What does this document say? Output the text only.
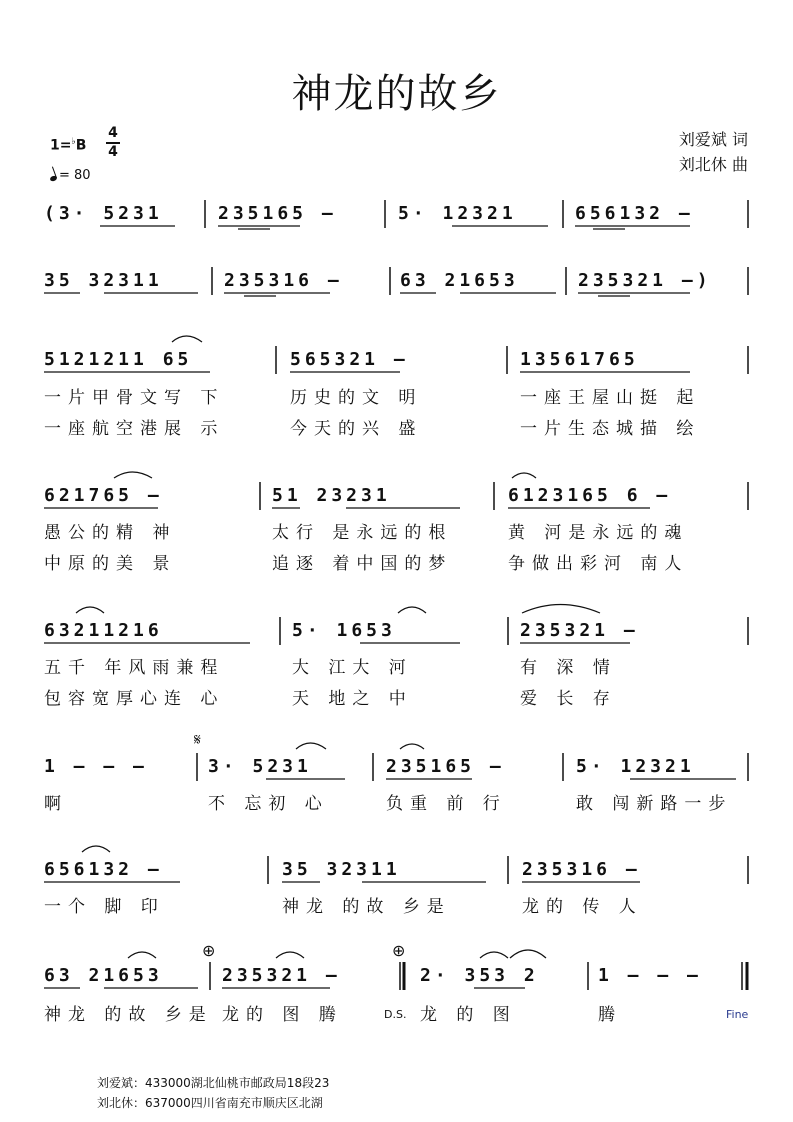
神龙的故乡
1=♭B
4
4
= 80
刘爱斌 词
刘北休 曲
(3· 5231	235165 –	5· 12321	656132 –
35 32311	235316 –	63 21653	235321 –)
5121211 65	565321 –	13561765
一片甲骨文写 下	历史的文 明	一座王屋山挺 起
一座航空港展 示	今天的兴 盛	一片生态城描 绘
621765 –	51 23231	6123165 6 –
愚公的精 神	太行 是永远的根	黄 河是永远的魂
中原的美 景	追逐 着中国的梦	争做出彩河 南人
63211216	5· 1653	235321 –
五千 年风雨兼程	大 江大 河	有 深 情
包容宽厚心连 心	天 地之 中	爱 长 存
𝄋
1 – – –	3· 5231	235165 –	5· 12321
啊	不 忘初 心	负重 前 行	敢 闯新路一步
656132 –	35 32311	235316 –
一个 脚 印	神龙 的故 乡是	龙的 传 人
⊕	⊕
63 21653	235321 –	2· 353 2	1 – – –
神龙 的故 乡是 龙的 图 腾	D.S. 龙 的 图	腾	Fine
刘爱斌：433000湖北仙桃市邮政局18段23
刘北休：637000四川省南充市顺庆区北湖
